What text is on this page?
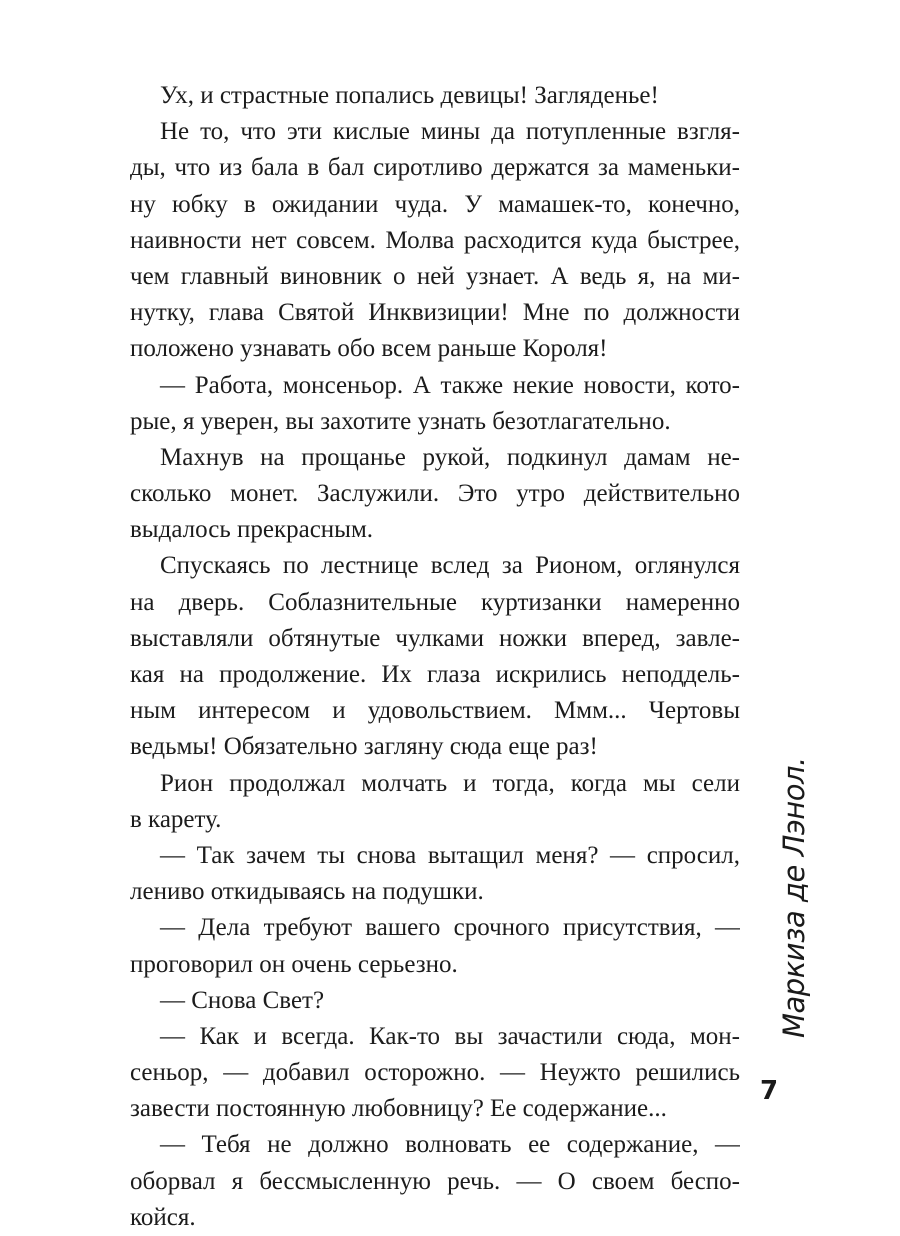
Ух, и страстные попались девицы! Загляденье!
Не то, что эти кислые мины да потупленные взгля-
ды, что из бала в бал сиротливо держатся за маменьки-
ну юбку в ожидании чуда. У мамашек-то, конечно,
наивности нет совсем. Молва расходится куда быстрее,
чем главный виновник о ней узнает. А ведь я, на ми-
нутку, глава Святой Инквизиции! Мне по должности
положено узнавать обо всем раньше Короля!
— Работа, монсеньор. А также некие новости, кото-
рые, я уверен, вы захотите узнать безотлагательно.
Махнув на прощанье рукой, подкинул дамам не-
сколько монет. Заслужили. Это утро действительно
выдалось прекрасным.
Спускаясь по лестнице вслед за Рионом, оглянулся
на дверь. Соблазнительные куртизанки намеренно
выставляли обтянутые чулками ножки вперед, завле-
кая на продолжение. Их глаза искрились неподдель-
ным интересом и удовольствием. Ммм... Чертовы
ведьмы! Обязательно загляну сюда еще раз!
Рион продолжал молчать и тогда, когда мы сели
в карету.
— Так зачем ты снова вытащил меня? — спросил,
лениво откидываясь на подушки.
— Дела требуют вашего срочного присутствия, —
проговорил он очень серьезно.
— Снова Свет?
— Как и всегда. Как-то вы зачастили сюда, мон-
сеньор, — добавил осторожно. — Неужто решились
завести постоянную любовницу? Ее содержание...
— Тебя не должно волновать ее содержание, —
оборвал я бессмысленную речь. — О своем беспо-
койся.
Маркиза де Лэнол.
7
